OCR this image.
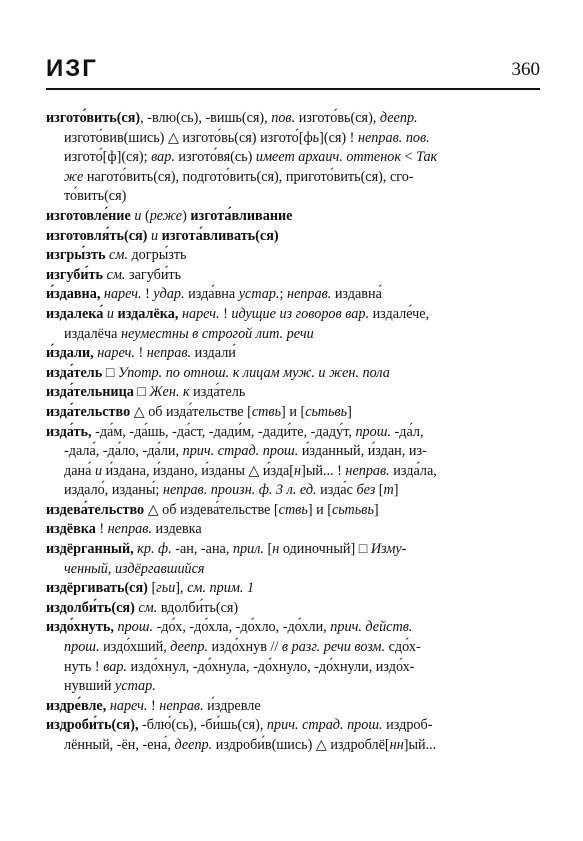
ИЗГ	360
изгото́вить(ся), -влю(сь), -вишь(ся), пов. изгото́вь(ся), деепр.
изгото́вив(шись) △ изгото́вь(ся) изгото́[фь](ся) ! неправ. пов.
изгото́[ф](ся); вар. изгото́вя(сь) имеет архаич. оттенок < Так
же нагото́вить(ся), подгото́вить(ся), пригото́вить(ся), сго-
то́вить(ся)
изготовле́ние и (реже) изгота́вливание
изготовля́ть(ся) и изгота́вливать(ся)
изгры́зть см. догры́зть
изгуби́ть см. загуби́ть
и́здавна, нареч. ! удар. изда́вна устар.; неправ. издавна́
издалека́ и издалёка, нареч. ! идущие из говоров вар. издале́че,
издалёча неуместны в строгой лит. речи
и́здали, нареч. ! неправ. издали́
изда́тель □ Употр. по отнош. к лицам муж. и жен. пола
изда́тельница □ Жен. к изда́тель
изда́тельство △ об изда́тельстве [ствь] и [сьтьвь]
изда́ть, -да́м, -да́шь, -да́ст, -дади́м, -дади́те, -даду́т, прош. -да́л,
-дала́, -да́ло, -да́ли, прич. страд. прош. и́зданный, и́здан, из-
дана́ и и́здана, и́здано, и́зданы △ и́зда[н]ый... ! неправ. изда́ла,
издало́, изданы́; неправ. произн. ф. 3 л. ед. изда́с без [т]
издева́тельство △ об издева́тельстве [ствь] и [сьтьвь]
издёвка ! неправ. издевка
издёрганный, кр. ф. -ан, -ана, прил. [н одиночный] □ Изму-
ченный, издёргавшийся
издёргивать(ся) [гьи], см. прим. 1
издолби́ть(ся) см. вдолби́ть(ся)
издо́хнуть, прош. -до́х, -до́хла, -до́хло, -до́хли, прич. действ.
прош. издо́хший, деепр. издо́хнув // в разг. речи возм. сдо́х-
нуть ! вар. издо́хнул, -до́хнула, -до́хнуло, -до́хнули, издо́х-
нувший устар.
издре́вле, нареч. ! неправ. и́здревле
издроби́ть(ся), -блю́(сь), -би́шь(ся), прич. страд. прош. издроб-
лённый, -ён, -ена́, деепр. издроби́в(шись) △ издроблё[нн]ый...
